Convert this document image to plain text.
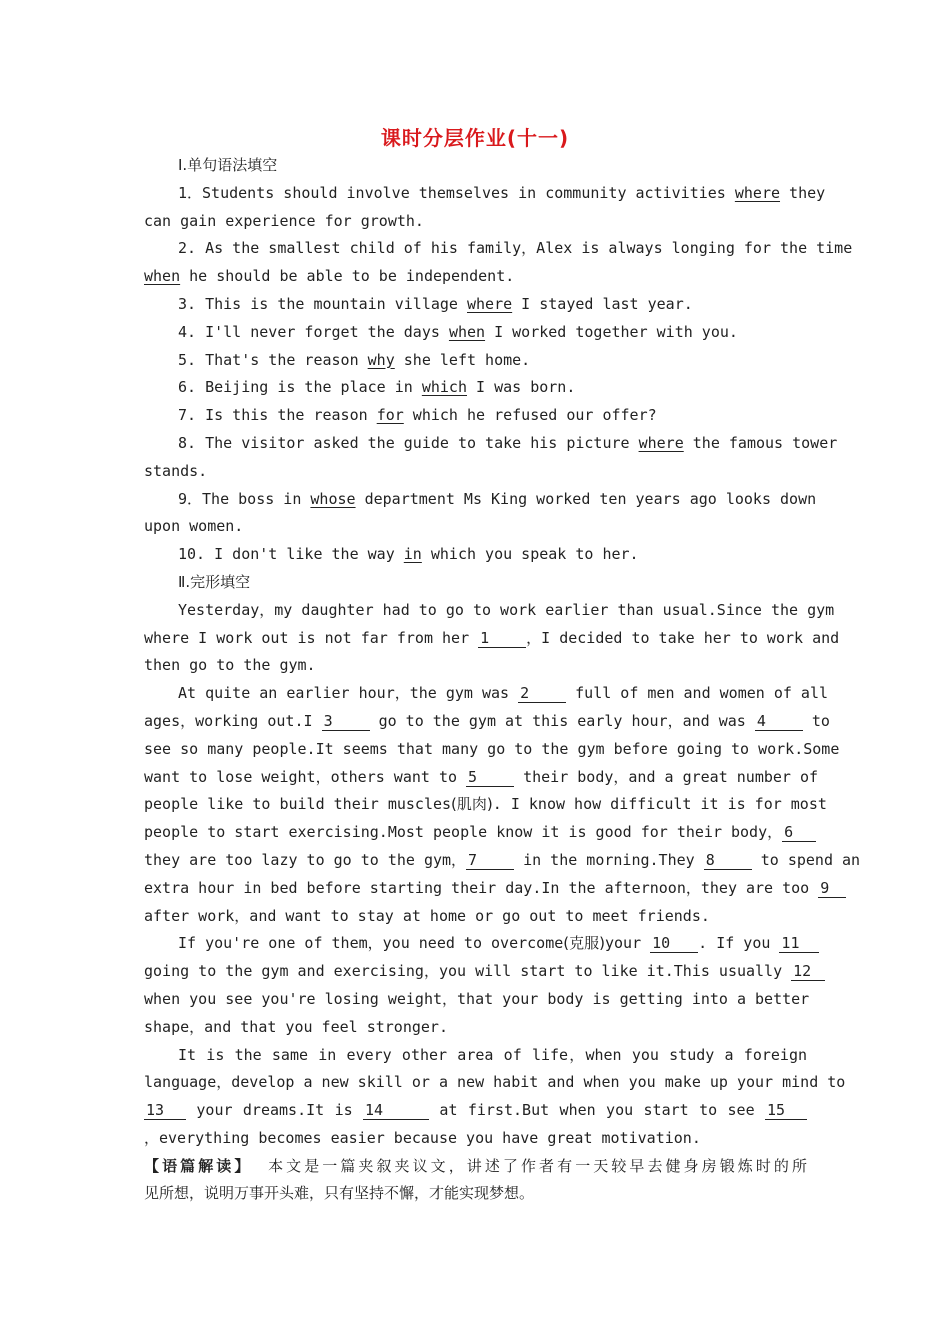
课时分层作业(十一)
Ⅰ.单句语法填空
1．Students should involve themselves in community activities where they
can gain experience for growth.
2. As the smallest child of his family，Alex is always longing for the time
when he should be able to be independent.
3. This is the mountain village where I stayed last year.
4. I'll never forget the days when I worked together with you.
5. That's the reason why she left home.
6. Beijing is the place in which I was born.
7. Is this the reason for which he refused our offer?
8. The visitor asked the guide to take his picture where the famous tower
stands.
9．The boss in whose department Ms King worked ten years ago looks down
upon women.
10. I don't like the way in which you speak to her.
Ⅱ.完形填空
Yesterday，my daughter had to go to work earlier than usual.Since the gym
where I work out is not far from her 1 ，I decided to take her to work and
then go to the gym.
At quite an earlier hour，the gym was 2 full of men and women of all
ages，working out.I 3 go to the gym at this early hour，and was 4 to
see so many people.It seems that many go to the gym before going to work.Some
want to lose weight，others want to 5 their body，and a great number of
people like to build their muscles(肌肉). I know how difficult it is for most
people to start exercising.Most people know it is good for their body， 6
they are too lazy to go to the gym， 7 in the morning.They 8 to spend an
extra hour in bed before starting their day.In the afternoon，they are too 9
after work，and want to stay at home or go out to meet friends.
If you're one of them，you need to overcome(克服)your 10 . If you 11
going to the gym and exercising，you will start to like it.This usually 12
when you see you're losing weight，that your body is getting into a better
shape，and that you feel stronger.
It is the same in every other area of life，when you study a foreign
language，develop a new skill or a new habit and when you make up your mind to
13 your dreams.It is 14	at first.But when you start to see 15
，everything becomes easier because you have great motivation.
【语篇解读】 本文是一篇夹叙夹议文，讲述了作者有一天较早去健身房锻炼时的所
见所想，说明万事开头难，只有坚持不懈，才能实现梦想。
